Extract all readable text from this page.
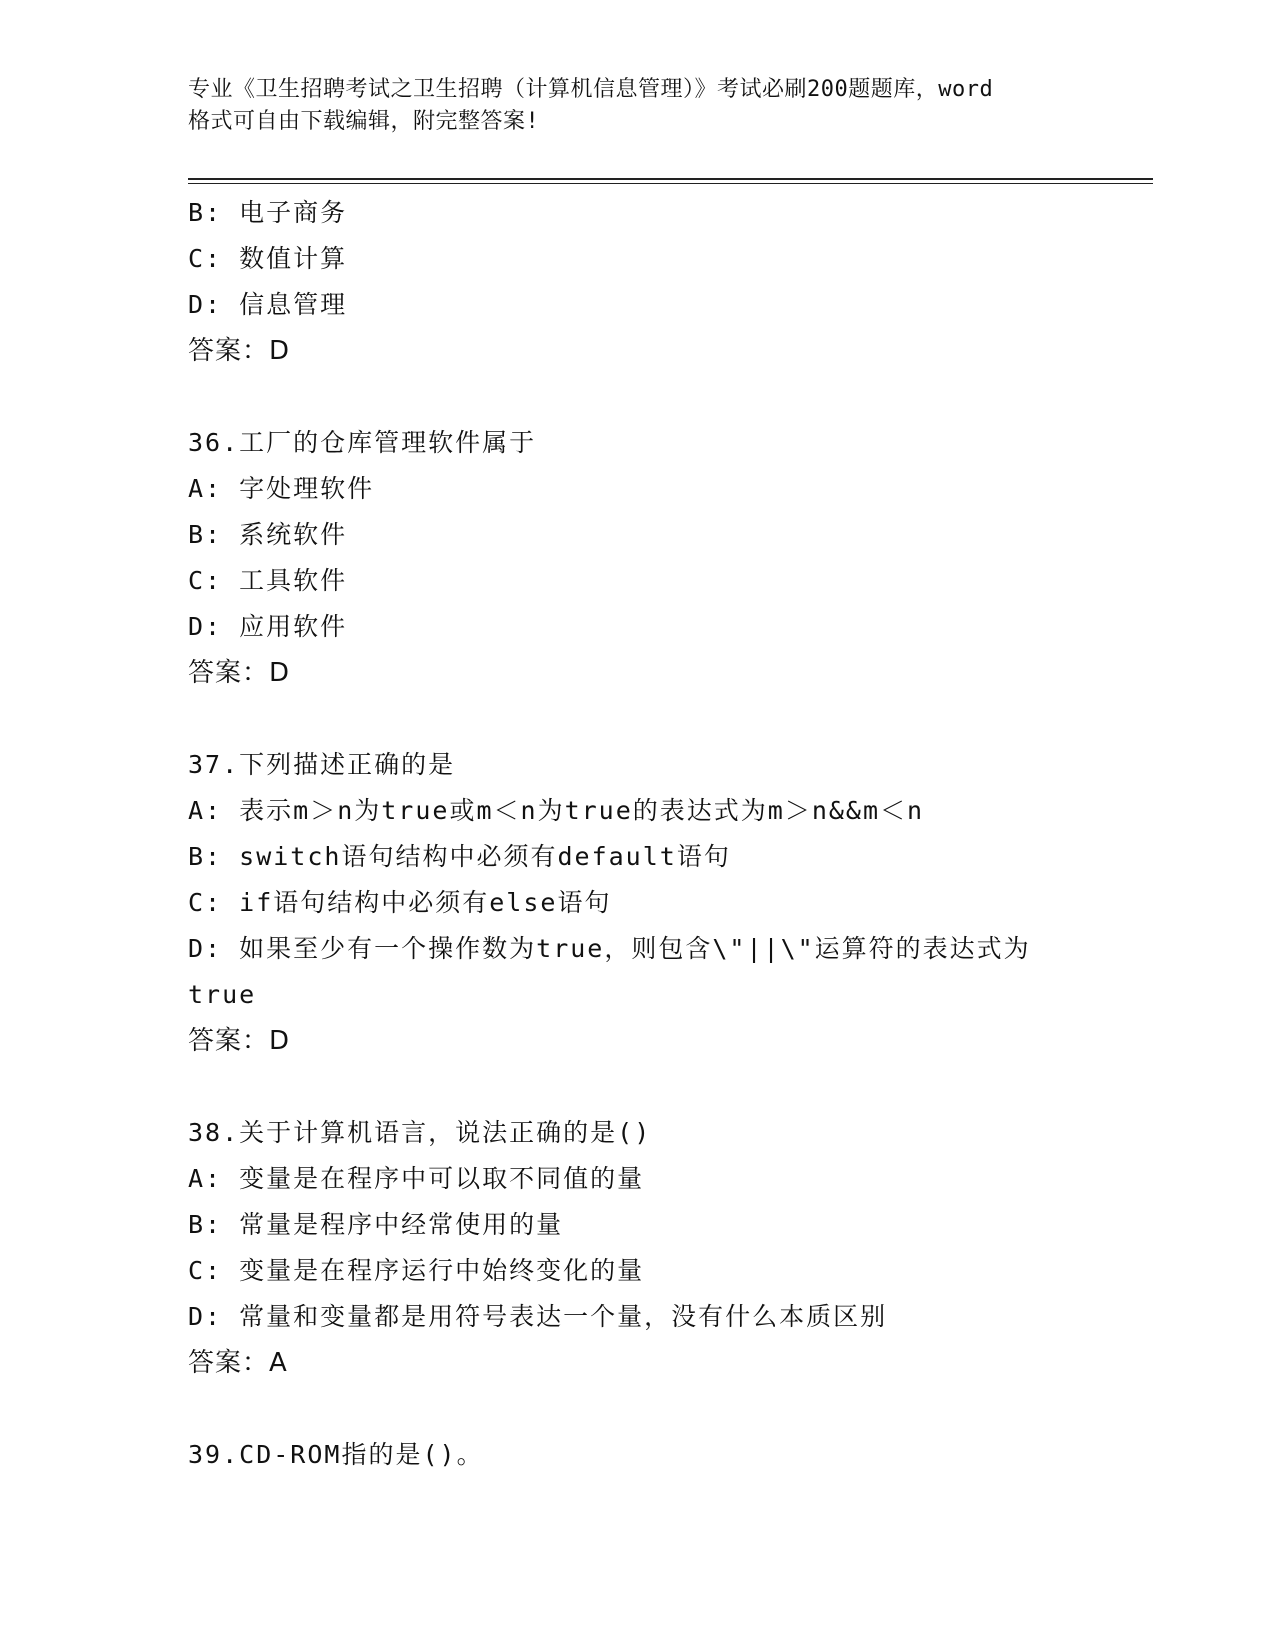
专业《卫生招聘考试之卫生招聘（计算机信息管理）》考试必刷200题题库，word
格式可自由下载编辑，附完整答案!
B: 电子商务
C: 数值计算
D: 信息管理
答案：D
36.工厂的仓库管理软件属于
A: 字处理软件
B: 系统软件
C: 工具软件
D: 应用软件
答案：D
37.下列描述正确的是
A: 表示m＞n为true或m＜n为true的表达式为m＞n&&m＜n
B: switch语句结构中必须有default语句
C: if语句结构中必须有else语句
D: 如果至少有一个操作数为true，则包含\"||\"运算符的表达式为
true
答案：D
38.关于计算机语言，说法正确的是()
A: 变量是在程序中可以取不同值的量
B: 常量是程序中经常使用的量
C: 变量是在程序运行中始终变化的量
D: 常量和变量都是用符号表达一个量，没有什么本质区别
答案：A
39.CD-ROM指的是()。
